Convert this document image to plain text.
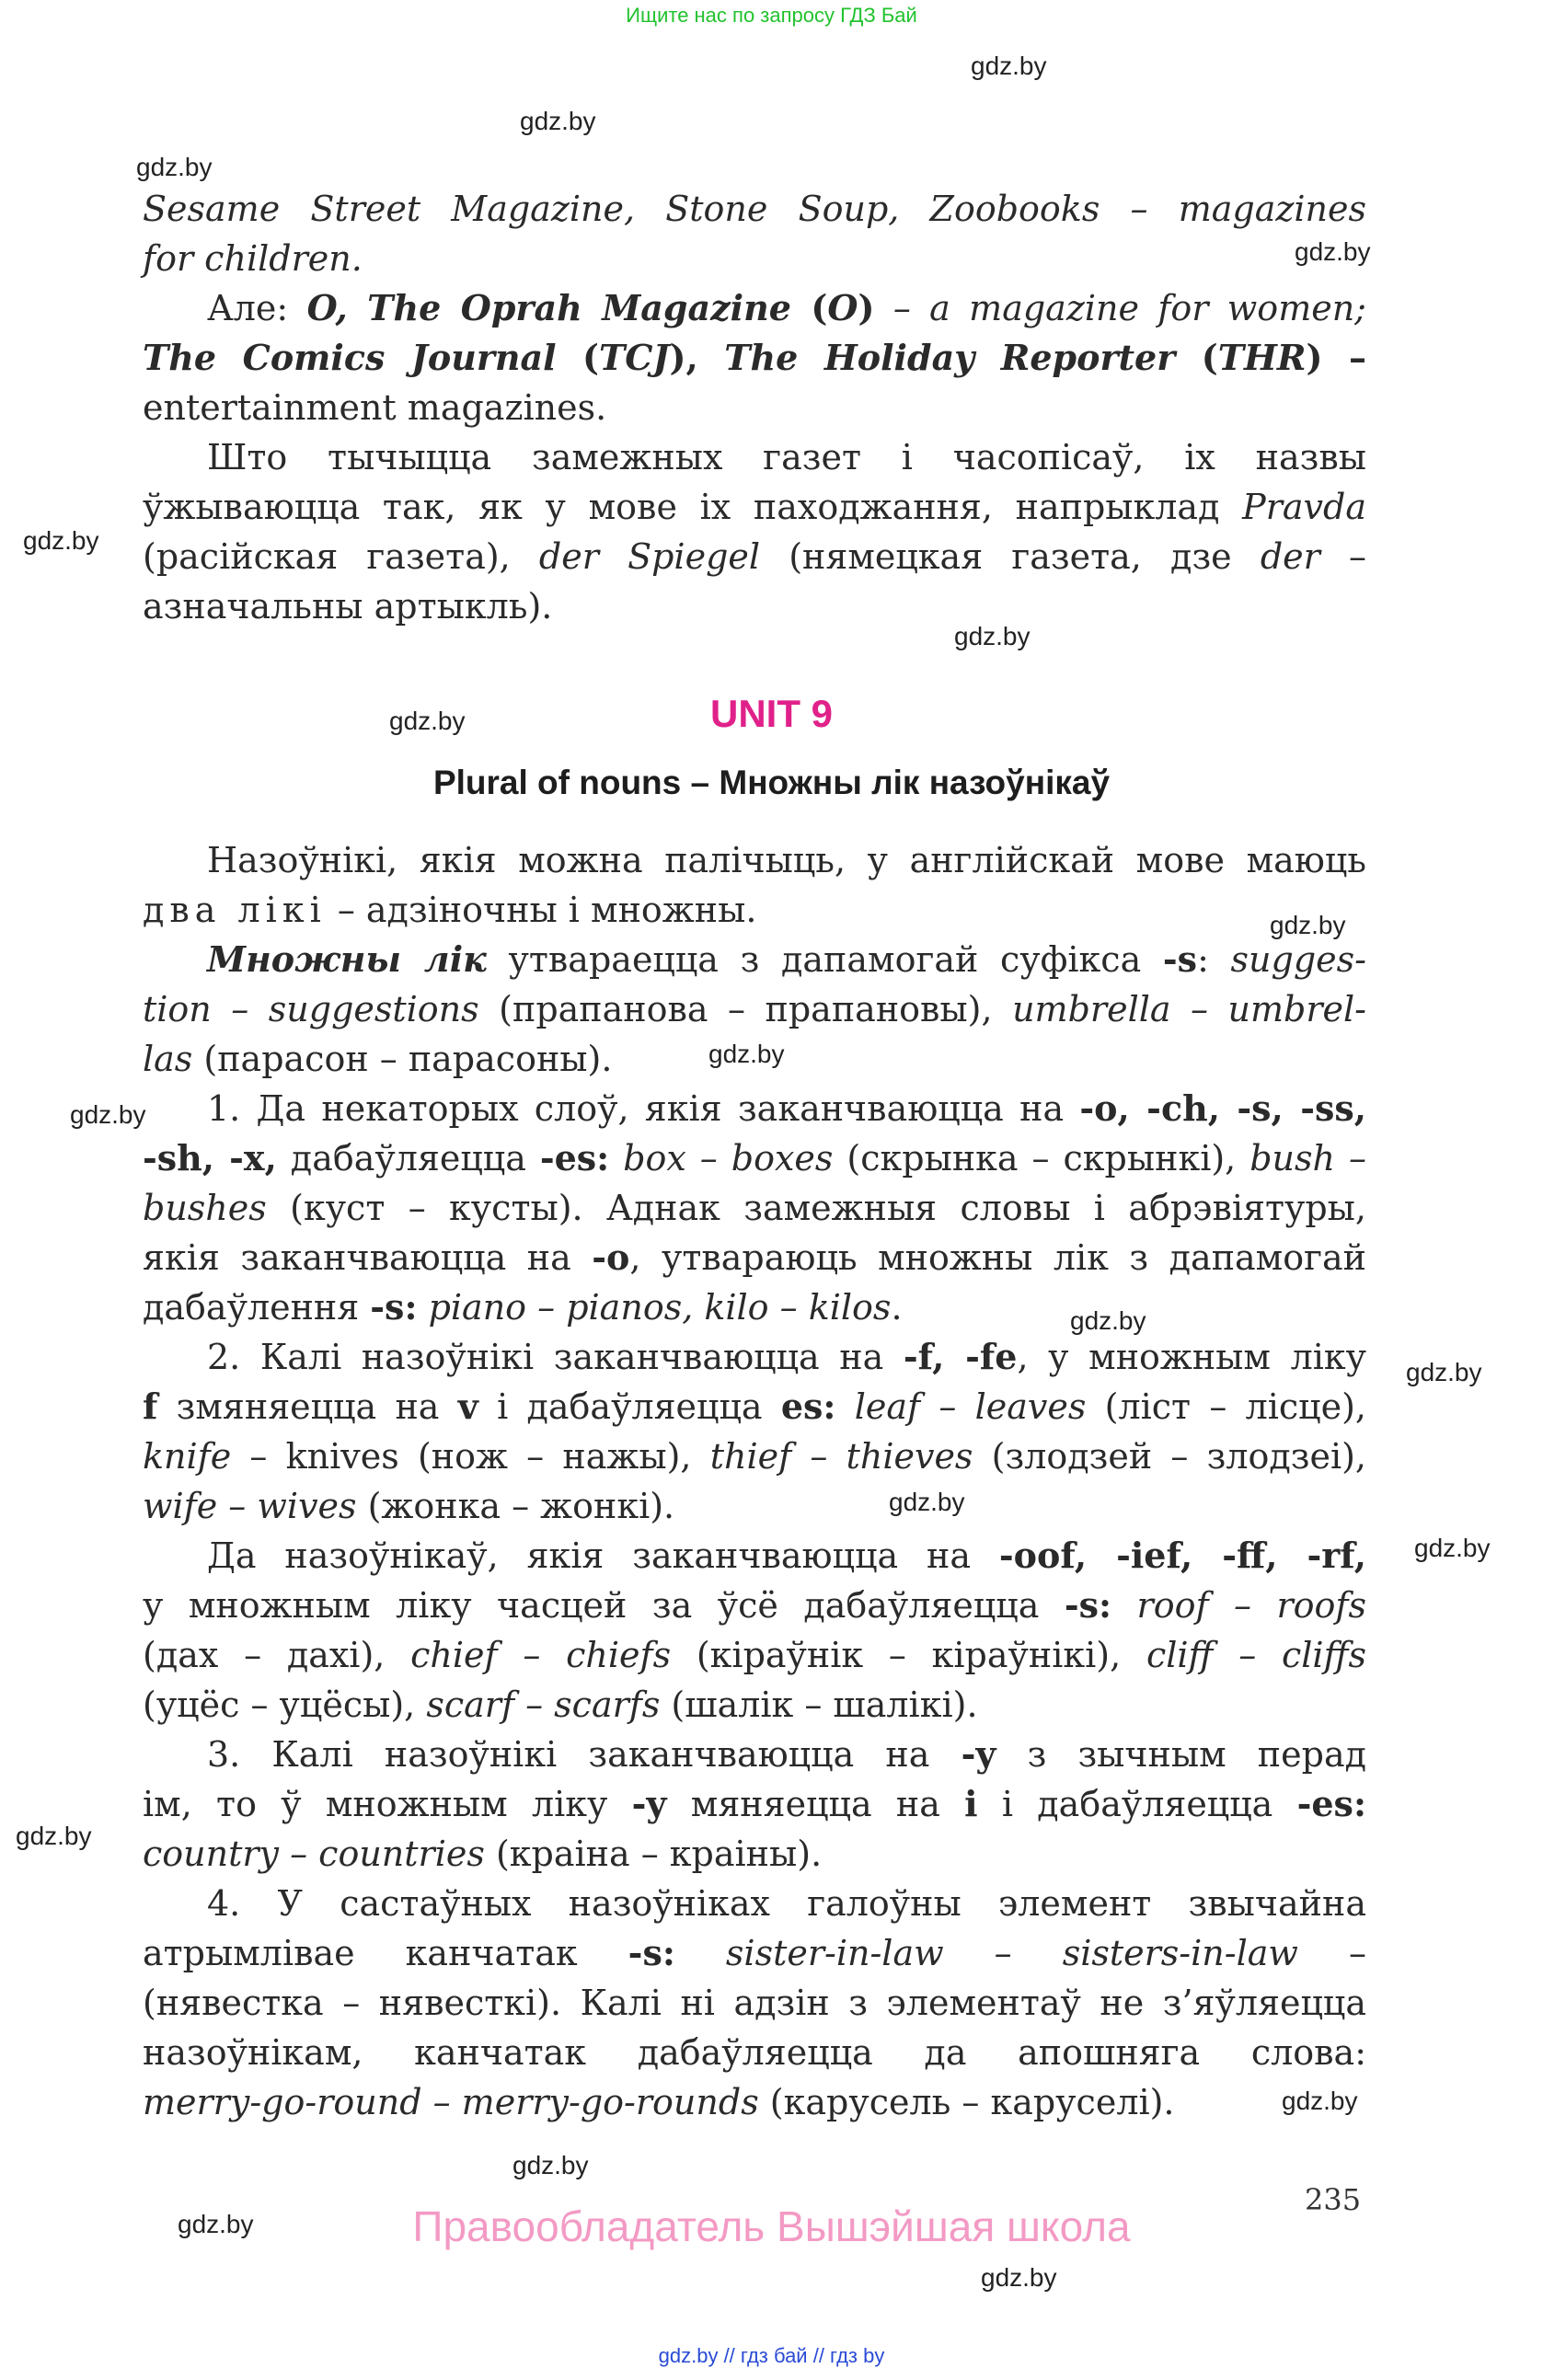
Ищите нас по запросу ГДЗ Бай
gdz.by
gdz.by
gdz.by
gdz.by
gdz.by
gdz.by
gdz.by
gdz.by
gdz.by
gdz.by
gdz.by
gdz.by
gdz.by
gdz.by
gdz.by
gdz.by
gdz.by
gdz.by
gdz.by
Sesame Street Magazine, Stone Soup, Zoobooks – magazines
for children.
Але: O, The Oprah Magazine (O) – a magazine for women;
The Comics Journal (TCJ), The Holiday Reporter (THR) –
entertainment magazines.
Што тычыцца замежных газет і часопісаў, іх назвы
ўжываюцца так, як у мове іх паходжання, напрыклад Pravda
(расійская газета), der Spiegel (нямецкая газета, дзе der –
азначальны артыкль).
UNIT 9
Plural of nouns – Множны лік назоўнікаў
Назоўнікі, якія можна палічыць, у англійскай мове маюць
два лікі – адзіночны і множны.
Множны лік утвараецца з дапамогай суфікса -s: sugges-
tion – suggestions (прапанова – прапановы), umbrella – umbrel-
las (парасон – парасоны).
1. Да некаторых слоў, якія заканчваюцца на -o, -ch, -s, -ss,
-sh, -x, дабаўляецца -es: box – boxes (скрынка – скрынкі), bush –
bushes (куст – кусты). Аднак замежныя словы і абрэвіятуры,
якія заканчваюцца на -o, утвараюць множны лік з дапамогай
дабаўлення -s: piano – pianos, kilo – kilos.
2. Калі назоўнікі заканчваюцца на -f, -fe, у множным ліку
f змяняецца на v і дабаўляецца es: leaf – leaves (ліст – лісце),
knife – knives (нож – нажы), thief – thieves (злодзей – злодзеі),
wife – wives (жонка – жонкі).
Да назоўнікаў, якія заканчваюцца на -oof, -ief, -ff, -rf,
у множным ліку часцей за ўсё дабаўляецца -s: roof – roofs
(дах – дахі), chief – chiefs (кіраўнік – кіраўнікі), cliff – cliffs
(уцёс – уцёсы), scarf – scarfs (шалік – шалікі).
3. Калі назоўнікі заканчваюцца на -y з зычным перад
ім, то ў множным ліку -y мяняецца на i і дабаўляецца -es:
country – countries (краіна – краіны).
4. У састаўных назоўніках галоўны элемент звычайна
атрымлівае канчатак -s: sister-in-law – sisters-in-law –
(нявестка – нявесткі). Калі ні адзін з элементаў не з’яўляецца
назоўнікам, канчатак дабаўляецца да апошняга слова:
merry-go-round – merry-go-rounds (карусель – каруселі).
235
Правообладатель Вышэйшая школа
gdz.by // гдз бай // гдз by
